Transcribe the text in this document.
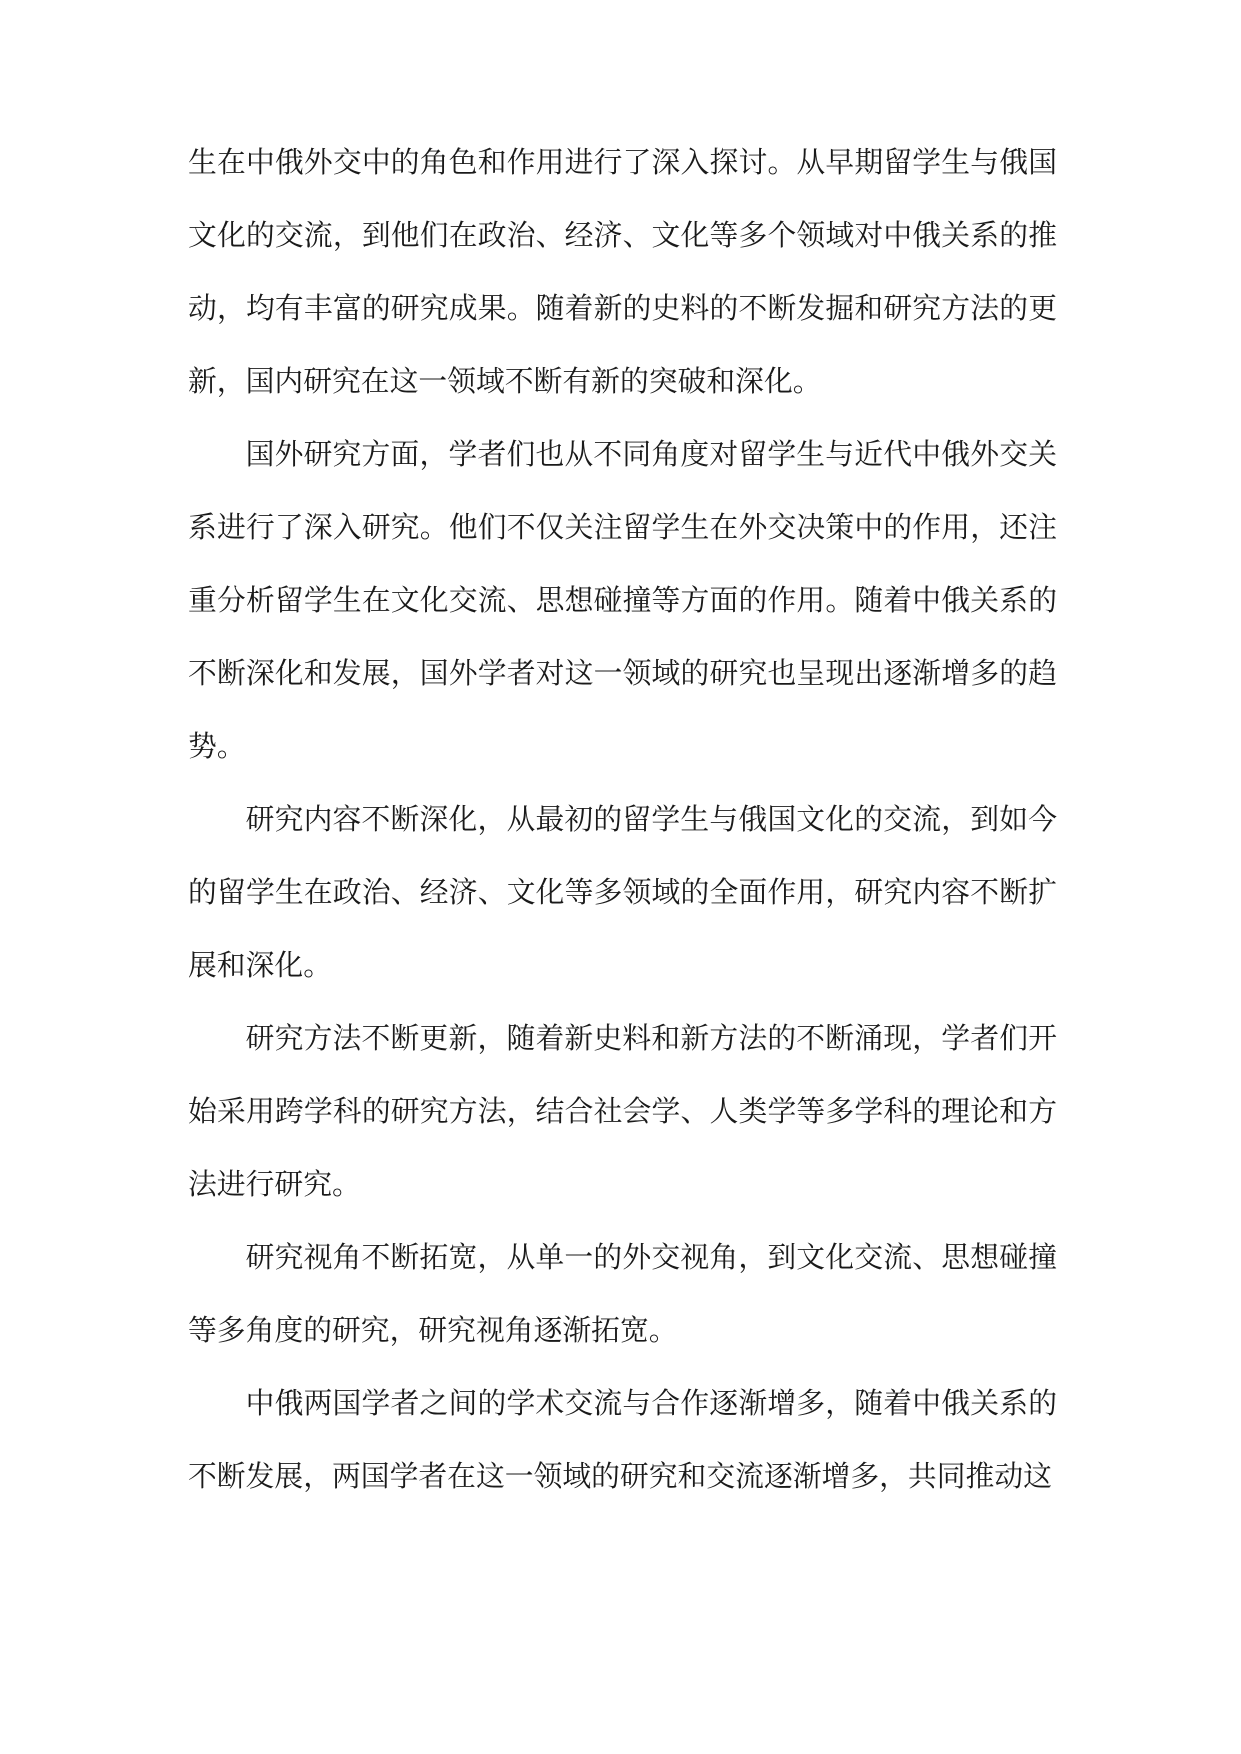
生在中俄外交中的角色和作用进行了深入探讨。从早期留学生与俄国文化的交流，到他们在政治、经济、文化等多个领域对中俄关系的推动，均有丰富的研究成果。随着新的史料的不断发掘和研究方法的更新，国内研究在这一领域不断有新的突破和深化。

国外研究方面，学者们也从不同角度对留学生与近代中俄外交关系进行了深入研究。他们不仅关注留学生在外交决策中的作用，还注重分析留学生在文化交流、思想碰撞等方面的作用。随着中俄关系的不断深化和发展，国外学者对这一领域的研究也呈现出逐渐增多的趋势。

研究内容不断深化，从最初的留学生与俄国文化的交流，到如今的留学生在政治、经济、文化等多领域的全面作用，研究内容不断扩展和深化。

研究方法不断更新，随着新史料和新方法的不断涌现，学者们开始采用跨学科的研究方法，结合社会学、人类学等多学科的理论和方法进行研究。

研究视角不断拓宽，从单一的外交视角，到文化交流、思想碰撞等多角度的研究，研究视角逐渐拓宽。

中俄两国学者之间的学术交流与合作逐渐增多，随着中俄关系的不断发展，两国学者在这一领域的研究和交流逐渐增多，共同推动这
